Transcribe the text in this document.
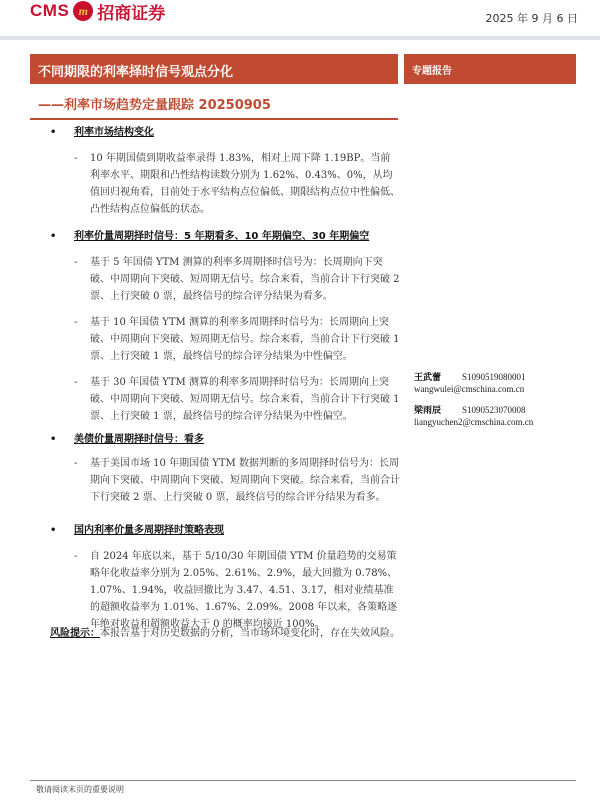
CMS m 招商证券	2025 年 9 月 6 日
不同期限的利率择时信号观点分化	专题报告
——利率市场趋势定量跟踪 20250905
• 利率市场结构变化
- 10 年期国债到期收益率录得 1.83%，相对上周下降 1.19BP。当前利率水平、期限和凸性结构读数分别为 1.62%、0.43%、0%，从均值回归视角看，目前处于水平结构点位偏低、期限结构点位中性偏低、凸性结构点位偏低的状态。

• 利率价量周期择时信号：5 年期看多、10 年期偏空、30 年期偏空
- 基于 5 年国债 YTM 测算的利率多周期择时信号为：长周期向下突破、中周期向下突破、短周期无信号。综合来看，当前合计下行突破 2 票、上行突破 0 票，最终信号的综合评分结果为看多。

- 基于 10 年国债 YTM 测算的利率多周期择时信号为：长周期向上突破、中周期向下突破、短周期无信号。综合来看，当前合计下行突破 1 票、上行突破 1 票，最终信号的综合评分结果为中性偏空。

- 基于 30 年国债 YTM 测算的利率多周期择时信号为：长周期向上突破、中周期向下突破、短周期无信号。综合来看，当前合计下行突破 1 票、上行突破 1 票，最终信号的综合评分结果为中性偏空。

• 美债价量周期择时信号：看多
- 基于美国市场 10 年期国债 YTM 数据判断的多周期择时信号为：长周期向下突破、中周期向下突破、短周期向下突破。综合来看，当前合计下行突破 2 票、上行突破 0 票，最终信号的综合评分结果为看多。

• 国内利率价量多周期择时策略表现
- 自 2024 年底以来，基于 5/10/30 年期国债 YTM 价量趋势的交易策略年化收益率分别为 2.05%、2.61%、2.9%，最大回撤为 0.78%、1.07%、1.94%，收益回撤比为 3.47、4.51、3.17，相对业绩基准的超额收益率为 1.01%、1.67%、2.09%。2008 年以来，各策略逐年绝对收益和超额收益大于 0 的概率均接近 100%。

风险提示：本报告基于对历史数据的分析，当市场环境变化时，存在失效风险。
王武蕾	S1090519080001
wangwulei@cmschina.com.cn
梁雨辰	S1090523070008
liangyuchen2@cmschina.com.cn
敬请阅读末页的重要说明
